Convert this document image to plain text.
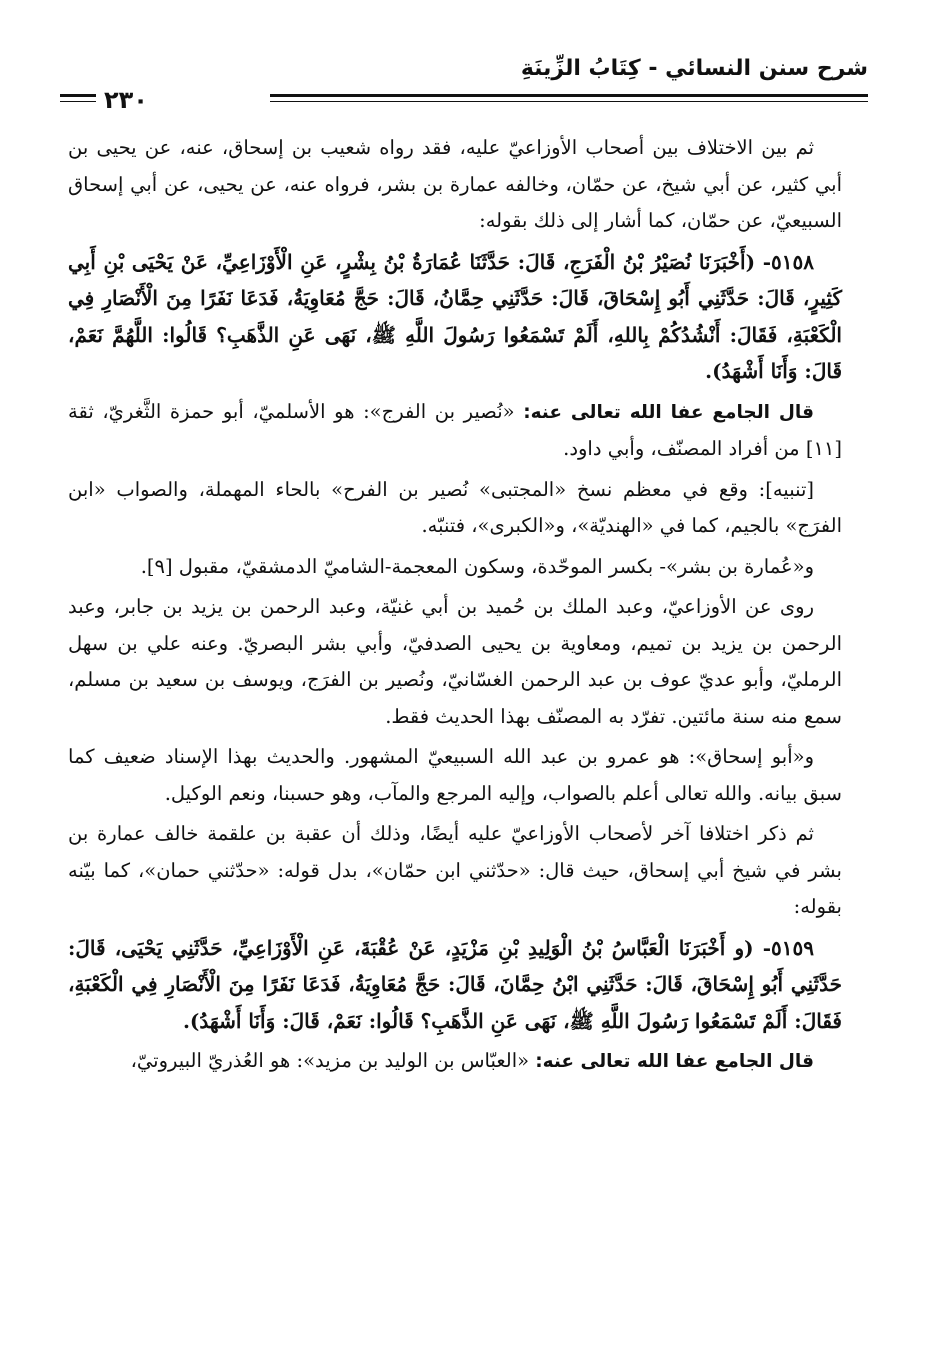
شرح سنن النسائي - كِتَابُ الزِّينَةِ
٢٣٠

ثم بين الاختلاف بين أصحاب الأوزاعيّ عليه، فقد رواه شعيب بن إسحاق، عنه، عن يحيى بن أبي كثير، عن أبي شيخ، عن حمّان، وخالفه عمارة بن بشر، فرواه عنه، عن يحيى، عن أبي إسحاق السبيعيّ، عن حمّان، كما أشار إلى ذلك بقوله:

٥١٥٨- (أَخْبَرَنَا نُصَيْرُ بْنُ الْفَرَجِ، قَالَ: حَدَّثَنَا عُمَارَةُ بْنُ بِشْرٍ، عَنِ الْأَوْزَاعِيِّ، عَنْ يَحْيَى بْنِ أَبِي كَثِيرٍ، قَالَ: حَدَّثَنِي أَبُو إِسْحَاقَ، قَالَ: حَدَّثَنِي حِمَّانُ، قَالَ: حَجَّ مُعَاوِيَةُ، فَدَعَا نَفَرًا مِنَ الْأَنْصَارِ فِي الْكَعْبَةِ، فَقَالَ: أَنْشُدُكُمْ بِاللهِ، أَلَمْ تَسْمَعُوا رَسُولَ اللَّهِ ﷺ، نَهَى عَنِ الذَّهَبِ؟ قَالُوا: اللَّهُمَّ نَعَمْ، قَالَ: وَأَنَا أَشْهَدُ).

قال الجامع عفا الله تعالى عنه: «نُصير بن الفرج»: هو الأسلميّ، أبو حمزة الثَّغريّ، ثقة [١١] من أفراد المصنّف، وأبي داود.

[تنبيه]: وقع في معظم نسخ «المجتبى» نُصير بن الفرح» بالحاء المهملة، والصواب «ابن الفرَج» بالجيم، كما في «الهنديّة»، و«الكبرى»، فتنبّه.

و«عُمارة بن بشر»- بكسر الموحّدة، وسكون المعجمة-الشاميّ الدمشقيّ، مقبول [٩].

روى عن الأوزاعيّ، وعبد الملك بن حُميد بن أبي غنيّة، وعبد الرحمن بن يزيد بن جابر، وعبد الرحمن بن يزيد بن تميم، ومعاوية بن يحيى الصدفيّ، وأبي بشر البصريّ. وعنه علي بن سهل الرمليّ، وأبو عديّ عوف بن عبد الرحمن الغسّانيّ، ونُصير بن الفرَج، ويوسف بن سعيد بن مسلم، سمع منه سنة مائتين. تفرّد به المصنّف بهذا الحديث فقط.

و«أبو إسحاق»: هو عمرو بن عبد الله السبيعيّ المشهور. والحديث بهذا الإسناد ضعيف كما سبق بيانه. والله تعالى أعلم بالصواب، وإليه المرجع والمآب، وهو حسبنا، ونعم الوكيل.

ثم ذكر اختلافا آخر لأصحاب الأوزاعيّ عليه أيضًا، وذلك أن عقبة بن علقمة خالف عمارة بن بشر في شيخ أبي إسحاق، حيث قال: «حدّثني ابن حمّان»، بدل قوله: «حدّثني حمان»، كما بيّنه بقوله:

٥١٥٩- (و أَخْبَرَنَا الْعَبَّاسُ بْنُ الْوَلِيدِ بْنِ مَزْيَدٍ، عَنْ عُقْبَةَ، عَنِ الْأَوْزَاعِيِّ، حَدَّثَنِي يَحْيَى، قَالَ: حَدَّثَنِي أَبُو إِسْحَاقَ، قَالَ: حَدَّثَنِي ابْنُ حِمَّانَ، قَالَ: حَجَّ مُعَاوِيَةُ، فَدَعَا نَفَرًا مِنَ الْأَنْصَارِ فِي الْكَعْبَةِ، فَقَالَ: أَلَمْ تَسْمَعُوا رَسُولَ اللَّهِ ﷺ، نَهَى عَنِ الذَّهَبِ؟ قَالُوا: نَعَمْ، قَالَ: وَأَنَا أَشْهَدُ).

قال الجامع عفا الله تعالى عنه: «العبّاس بن الوليد بن مزيد»: هو العُذريّ البيروتيّ،
